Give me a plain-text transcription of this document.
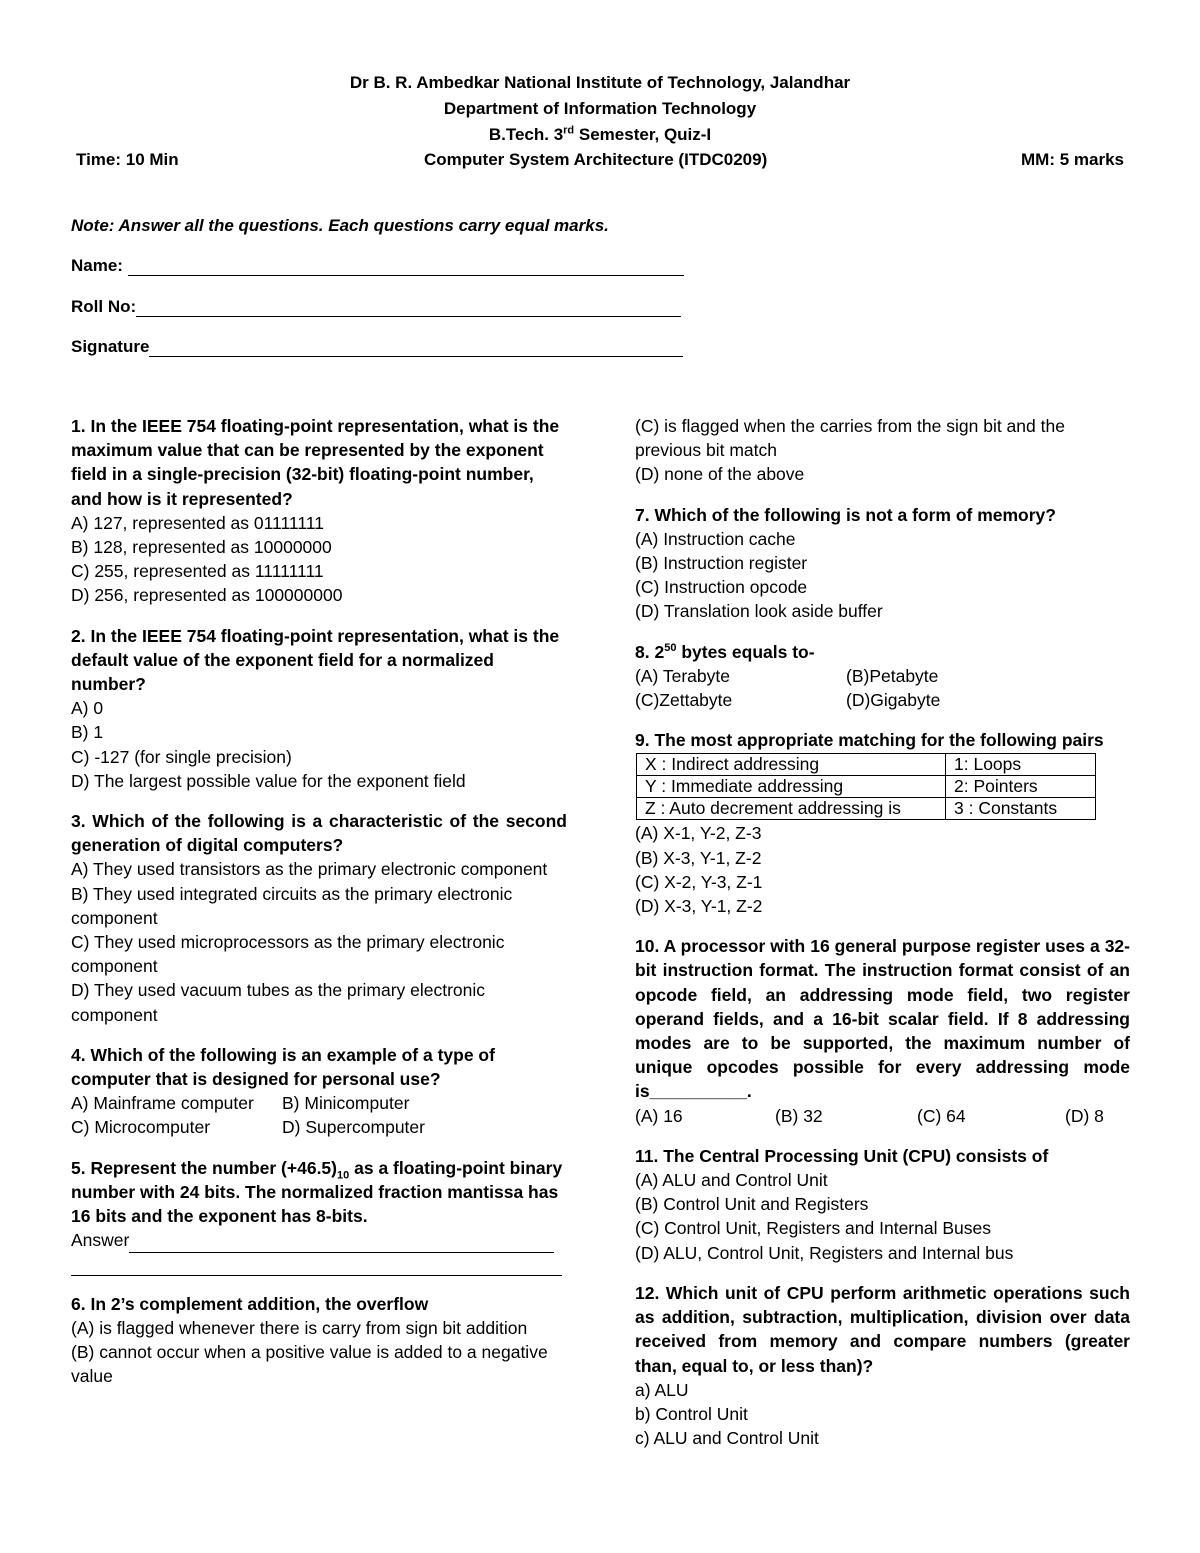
Dr B. R. Ambedkar National Institute of Technology, Jalandhar
Department of Information Technology
B.Tech. 3rd Semester, Quiz-I
Time: 10 Min	Computer System Architecture (ITDC0209)	MM: 5 marks
Note: Answer all the questions. Each questions carry equal marks.
Name:
Roll No:
Signature
1. In the IEEE 754 floating-point representation, what is the maximum value that can be represented by the exponent field in a single-precision (32-bit) floating-point number, and how is it represented?
A) 127, represented as 01111111
B) 128, represented as 10000000
C) 255, represented as 11111111
D) 256, represented as 100000000
2. In the IEEE 754 floating-point representation, what is the default value of the exponent field for a normalized number?
A) 0
B) 1
C) -127 (for single precision)
D) The largest possible value for the exponent field
3. Which of the following is a characteristic of the second generation of digital computers?
A) They used transistors as the primary electronic component
B) They used integrated circuits as the primary electronic component
C) They used microprocessors as the primary electronic component
D) They used vacuum tubes as the primary electronic component
4. Which of the following is an example of a type of computer that is designed for personal use?
A) Mainframe computer	B) Minicomputer
C) Microcomputer	D) Supercomputer
5. Represent the number $(+46.5)_{10}$ as a floating-point binary number with 24 bits. The normalized fraction mantissa has 16 bits and the exponent has 8-bits.
Answer
6. In 2’s complement addition, the overflow
(A) is flagged whenever there is carry from sign bit addition
(B) cannot occur when a positive value is added to a negative value
(C) is flagged when the carries from the sign bit and the previous bit match
(D) none of the above
7. Which of the following is not a form of memory?
(A) Instruction cache
(B) Instruction register
(C) Instruction opcode
(D) Translation look aside buffer
8. $2^{50}$ bytes equals to-
(A) Terabyte	(B)Petabyte
(C)Zettabyte	(D)Gigabyte
9. The most appropriate matching for the following pairs
X : Indirect addressing	1: Loops
Y : Immediate addressing	2: Pointers
Z : Auto decrement addressing is	3 : Constants
(A) X-1, Y-2, Z-3
(B) X-3, Y-1, Z-2
(C) X-2, Y-3, Z-1
(D) X-3, Y-1, Z-2
10. A processor with 16 general purpose register uses a 32-bit instruction format. The instruction format consist of an opcode field, an addressing mode field, two register operand fields, and a 16-bit scalar field. If 8 addressing modes are to be supported, the maximum number of unique opcodes possible for every addressing mode is__________.
(A) 16	(B) 32	(C) 64	(D) 8
11. The Central Processing Unit (CPU) consists of
(A) ALU and Control Unit
(B) Control Unit and Registers
(C) Control Unit, Registers and Internal Buses
(D) ALU, Control Unit, Registers and Internal bus
12. Which unit of CPU perform arithmetic operations such as addition, subtraction, multiplication, division over data received from memory and compare numbers (greater than, equal to, or less than)?
a) ALU
b) Control Unit
c) ALU and Control Unit
